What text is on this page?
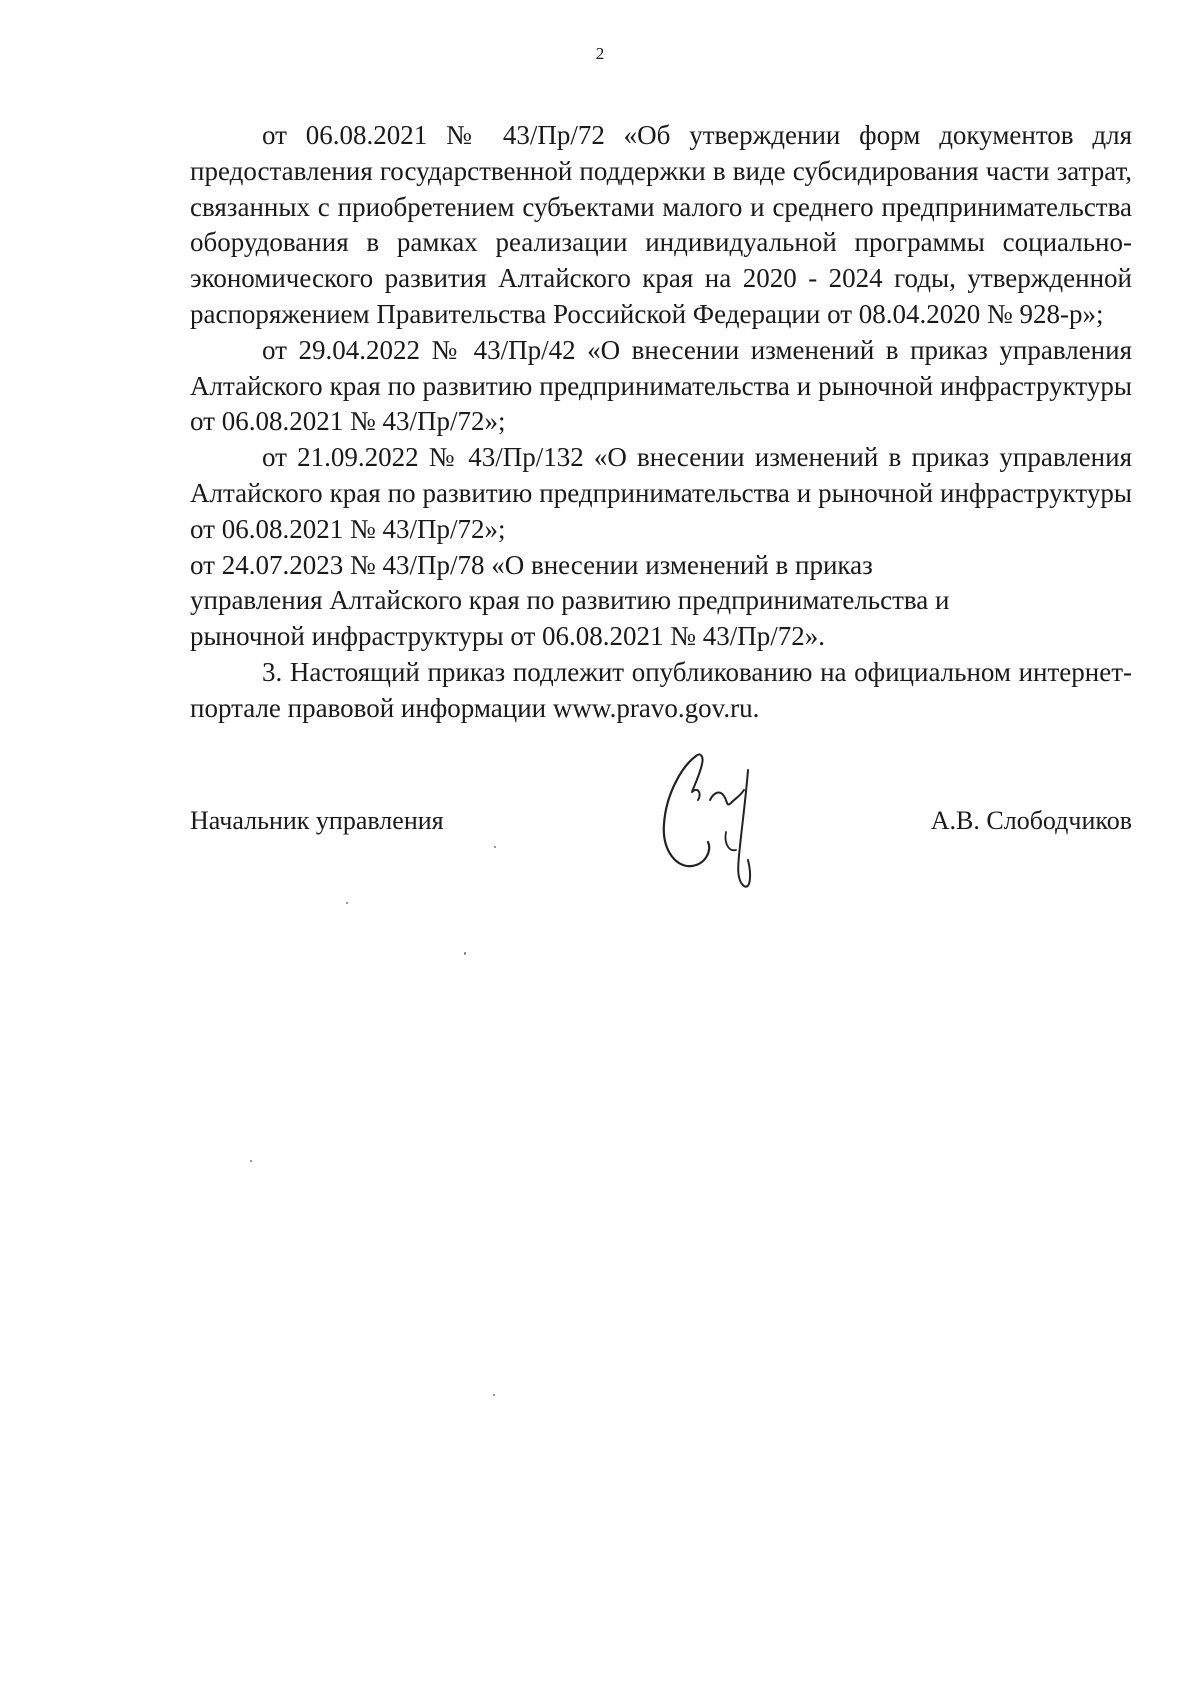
2

от 06.08.2021 № 43/Пр/72 «Об утверждении форм документов для предоставления государственной поддержки в виде субсидирования части затрат, связанных с приобретением субъектами малого и среднего предпринимательства оборудования в рамках реализации индивидуальной программы социально-экономического развития Алтайского края на 2020 - 2024 годы, утвержденной распоряжением Правительства Российской Федерации от 08.04.2020 № 928-р»;

от 29.04.2022 № 43/Пр/42 «О внесении изменений в приказ управления Алтайского края по развитию предпринимательства и рыночной инфраструктуры от 06.08.2021 № 43/Пр/72»;

от 21.09.2022 № 43/Пр/132 «О внесении изменений в приказ управления Алтайского края по развитию предпринимательства и рыночной инфраструктуры от 06.08.2021 № 43/Пр/72»;

от 24.07.2023 № 43/Пр/78 «О внесении изменений в приказ управления Алтайского края по развитию предпринимательства и рыночной инфраструктуры от 06.08.2021 № 43/Пр/72».

3. Настоящий приказ подлежит опубликованию на официальном интернет-портале правовой информации www.pravo.gov.ru.

Начальник управления	А.В. Слободчиков
